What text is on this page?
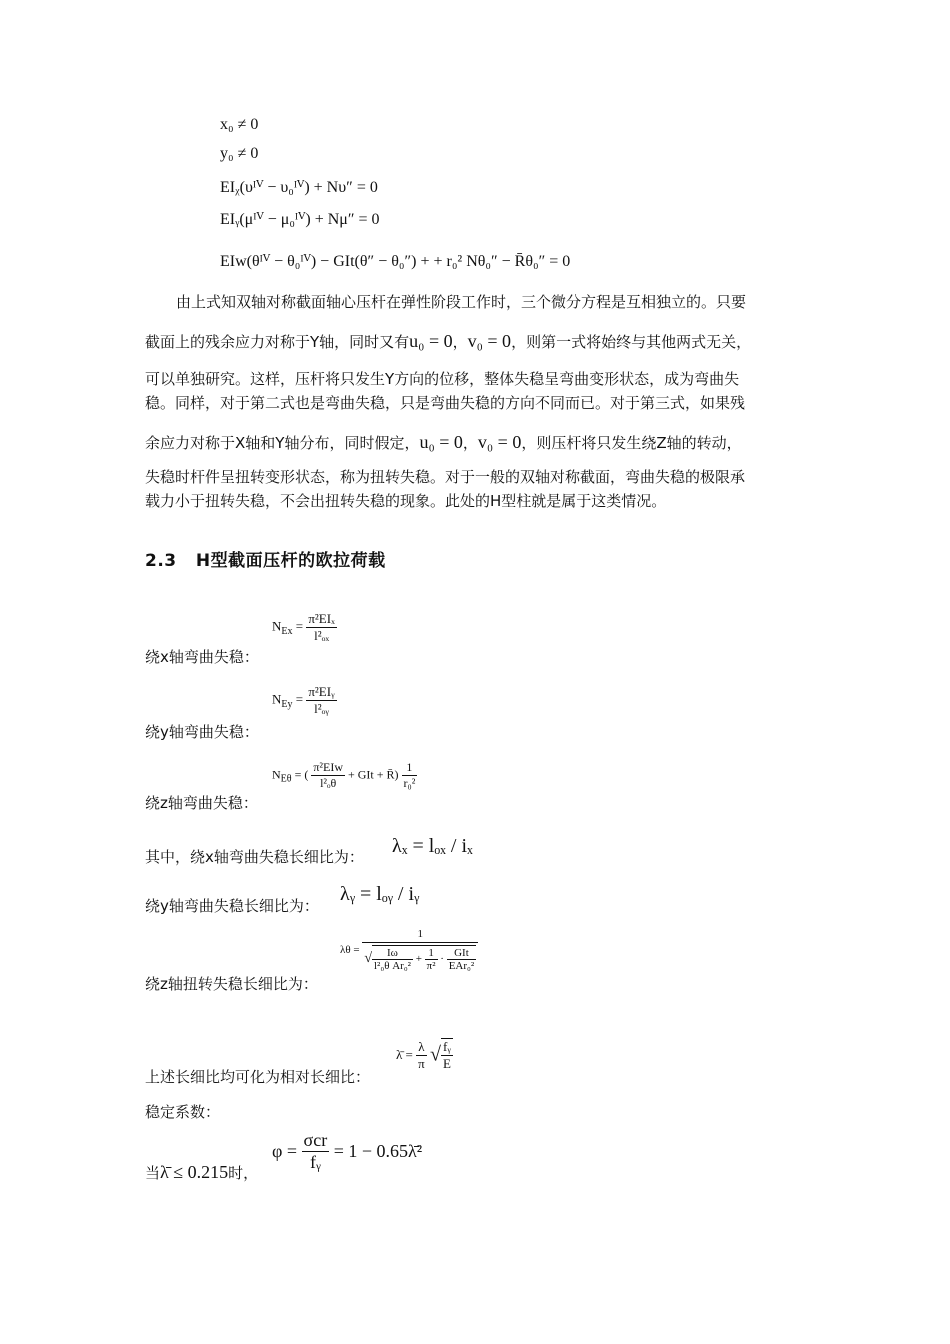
x₀ ≠ 0
y₀ ≠ 0
EIᵪ(υᴵⱽ − υ₀ᴵⱽ) + Nυ″ = 0
EIᵧ(μᴵⱽ − μ₀ᴵⱽ) + Nμ″ = 0
EIw(θᴵⱽ − θ₀ᴵⱽ) − GIt(θ″ − θ₀″) + + r₀² Nθ₀″ − R̄θ₀″ = 0
由上式知双轴对称截面轴心压杆在弹性阶段工作时，三个微分方程是互相独立的。只要
截面上的残余应力对称于Y轴，同时又有u₀ = 0，v₀ = 0，则第一式将始终与其他两式无关，
可以单独研究。这样，压杆将只发生Y方向的位移，整体失稳呈弯曲变形状态，成为弯曲失
稳。同样，对于第二式也是弯曲失稳，只是弯曲失稳的方向不同而已。对于第三式，如果残
余应力对称于X轴和Y轴分布，同时假定，u₀ = 0，v₀ = 0，则压杆将只发生绕Z轴的转动，
失稳时杆件呈扭转变形状态，称为扭转失稳。对于一般的双轴对称截面，弯曲失稳的极限承
载力小于扭转失稳，不会出扭转失稳的现象。此处的H型柱就是属于这类情况。
2.3 H型截面压杆的欧拉荷载
$N_{Ex} = \frac{\text{π²EIₓ}}{\text{l²ₒₓ}}$
绕x轴弯曲失稳：
$N_{Ey} = \frac{\text{π²EIᵧ}}{\text{l²ₒᵧ}}$
绕y轴弯曲失稳：
$N_{E\theta}$ = ( $\frac{\text{π²EIw}}{\text{l²ₒθ}}$ + GIt + R̄) $\frac{1}{\text{r₀²}}$
绕z轴弯曲失稳：
其中，绕x轴弯曲失稳长细比为： λₓ = lₒₓ / iₓ
绕y轴弯曲失稳长细比为：
λᵧ = lₒᵧ / iᵧ
λθ =
1
√ $\frac{I\omega}{\text{l²₀θ Ar₀²}} + \frac{1}{\text{π²}} \cdot \frac{\text{GIt}}{\text{EAr₀²}}$
绕z轴扭转失稳长细比为：
上述长细比均可化为相对长细比：
λ̄ = $\frac{\lambda}{\pi}$ √ $\frac{\text{fᵧ}}{E}$
稳定系数：
当λ̄ ≤ 0.215时，
$\varphi = \frac{\text{σcr}}{\text{fᵧ}} = 1$ − 0.65λ̄²
